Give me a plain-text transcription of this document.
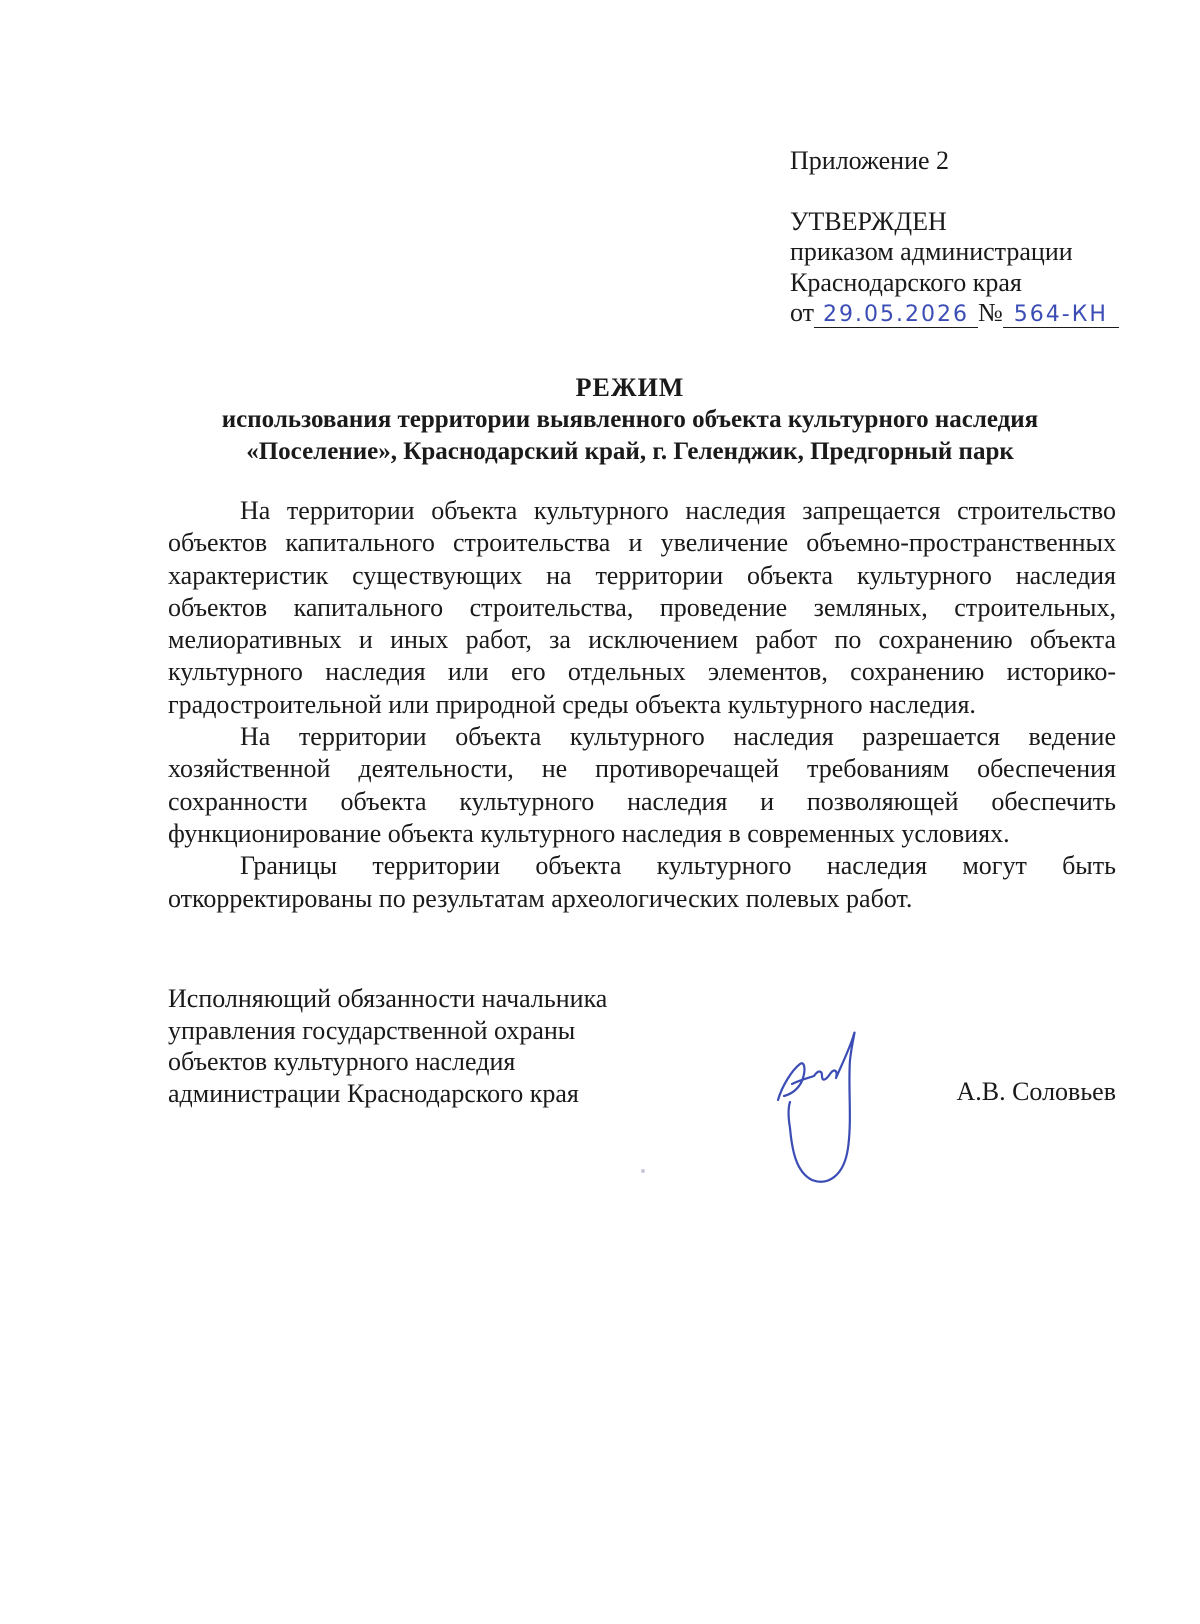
Приложение 2
УТВЕРЖДЕН
приказом администрации
Краснодарского края
от 29.05.2026 № 564-КН
РЕЖИМ
использования территории выявленного объекта культурного наследия
«Поселение», Краснодарский край, г. Геленджик, Предгорный парк

На территории объекта культурного наследия запрещается строительство объектов капитального строительства и увеличение объемно-пространственных характеристик существующих на территории объекта культурного наследия объектов капитального строительства, проведение земляных, строительных, мелиоративных и иных работ, за исключением работ по сохранению объекта культурного наследия или его отдельных элементов, сохранению историко-градостроительной или природной среды объекта культурного наследия.

На территории объекта культурного наследия разрешается ведение хозяйственной деятельности, не противоречащей требованиям обеспечения сохранности объекта культурного наследия и позволяющей обеспечить функционирование объекта культурного наследия в современных условиях.

Границы территории объекта культурного наследия могут быть откорректированы по результатам археологических полевых работ.

Исполняющий обязанности начальника
управления государственной охраны
объектов культурного наследия
администрации Краснодарского края	А.В. Соловьев
